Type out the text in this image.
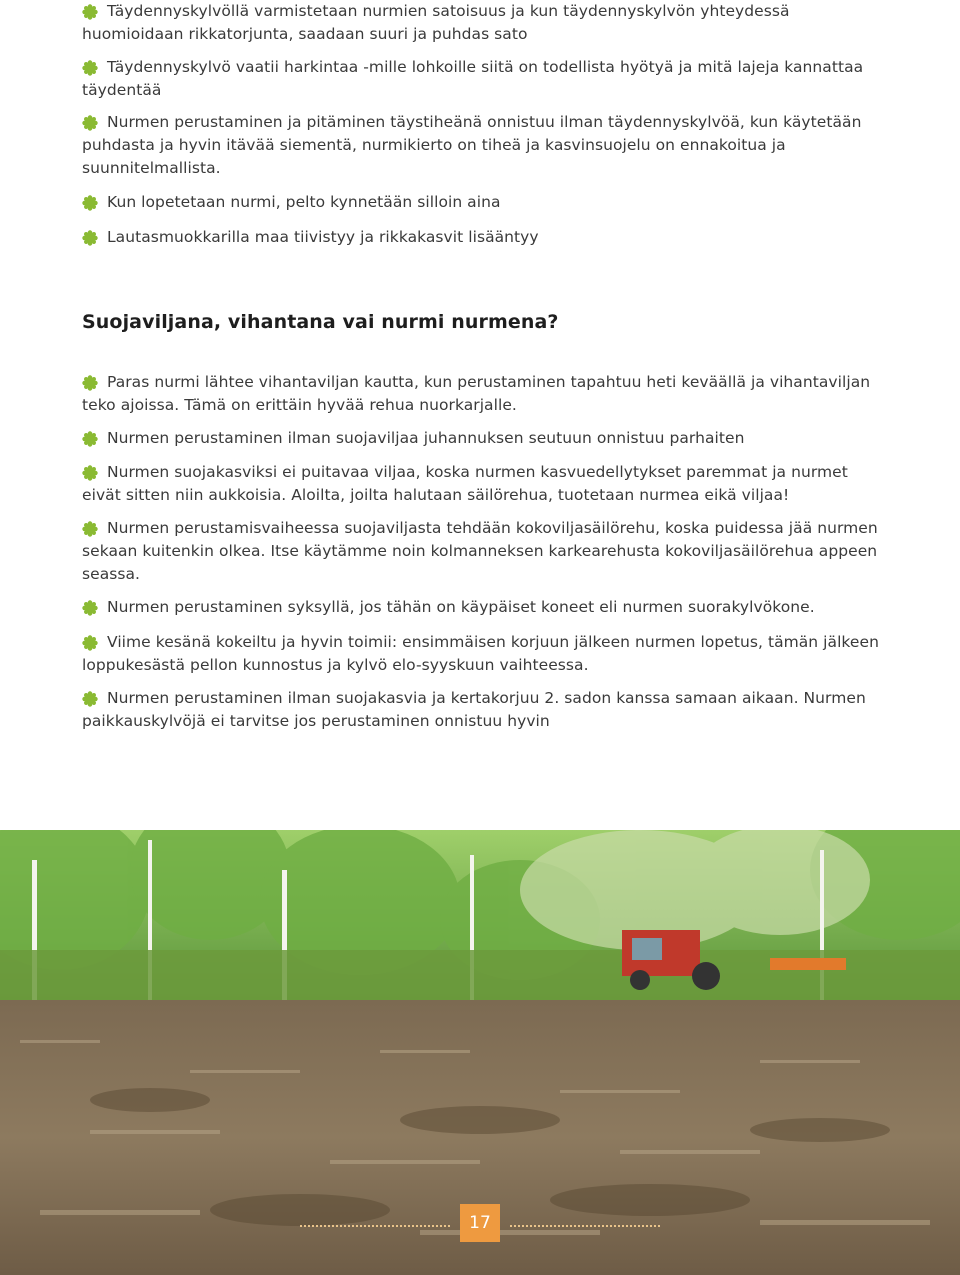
Täydennyskylvöllä varmistetaan nurmien satoisuus ja kun täydennyskylvön yhteydessä huomioidaan rikkatorjunta, saadaan suuri ja puhdas sato
Täydennyskylvö vaatii harkintaa -mille lohkoille siitä on todellista hyötyä ja mitä lajeja kannattaa täydentää
Nurmen perustaminen ja pitäminen täystiheänä onnistuu ilman täydennyskylvöä, kun käytetään puhdasta ja hyvin itävää siementä, nurmikierto on tiheä ja kasvinsuojelu on ennakoitua ja suunnitelmallista.
Kun lopetetaan nurmi, pelto kynnetään silloin aina
Lautasmuokkarilla maa tiivistyy ja rikkakasvit lisääntyy
Suojaviljana, vihantana vai nurmi nurmena?
Paras nurmi lähtee vihantaviljan kautta, kun perustaminen tapahtuu heti keväällä ja vihantaviljan teko ajoissa. Tämä on erittäin hyvää rehua nuorkarjalle.
Nurmen perustaminen ilman suojaviljaa juhannuksen seutuun onnistuu parhaiten
Nurmen suojakasviksi ei puitavaa viljaa, koska nurmen kasvuedellytykset paremmat ja nurmet eivät sitten niin aukkoisia. Aloilta, joilta halutaan säilörehua, tuotetaan nurmea eikä viljaa!
Nurmen perustamisvaiheessa suojaviljasta tehdään kokoviljasäilörehu, koska puidessa jää nurmen sekaan kuitenkin olkea. Itse käytämme noin kolmanneksen karkearehusta kokoviljasäilörehua appeen seassa.
Nurmen perustaminen syksyllä, jos tähän on käypäiset koneet eli nurmen suorakylvökone.
Viime kesänä kokeiltu ja hyvin toimii: ensimmäisen korjuun jälkeen nurmen lopetus, tämän jälkeen loppukesästä pellon kunnostus ja kylvö elo-syyskuun vaihteessa.
Nurmen perustaminen ilman suojakasvia ja kertakorjuu 2. sadon kanssa samaan aikaan. Nurmen paikkauskylvöjä ei tarvitse jos perustaminen onnistuu hyvin
17
